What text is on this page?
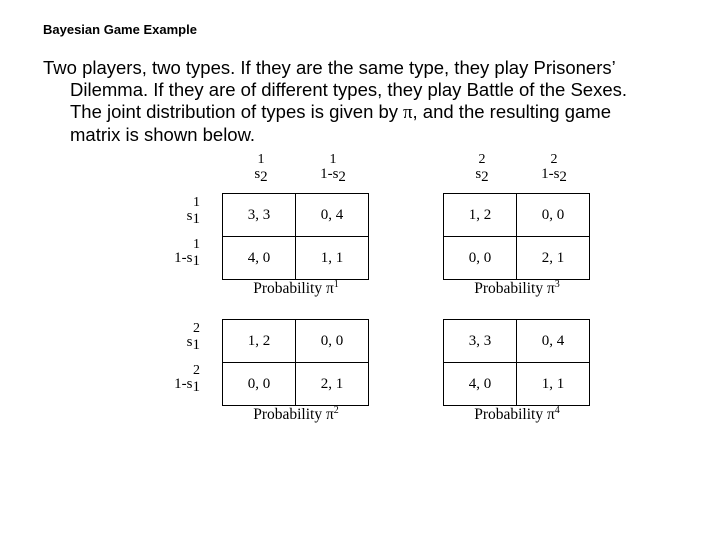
Bayesian Game Example
Two players, two types. If they are the same type, they play Prisoners’
Dilemma. If they are of different types, they play Battle of the Sexes.
The joint distribution of types is given by π, and the resulting game
matrix is shown below.
1
s2
1
1-s2
1
s1
1
1-s1
3, 3	0, 4
4, 0	1, 1
Probability $\pi^1$
2
s2
2
1-s2
1, 2	0, 0
0, 0	2, 1
Probability $\pi^3$
2
s1
2
1-s1
1, 2	0, 0
0, 0	2, 1
Probability $\pi^2$
3, 3	0, 4
4, 0	1, 1
Probability $\pi^4$
